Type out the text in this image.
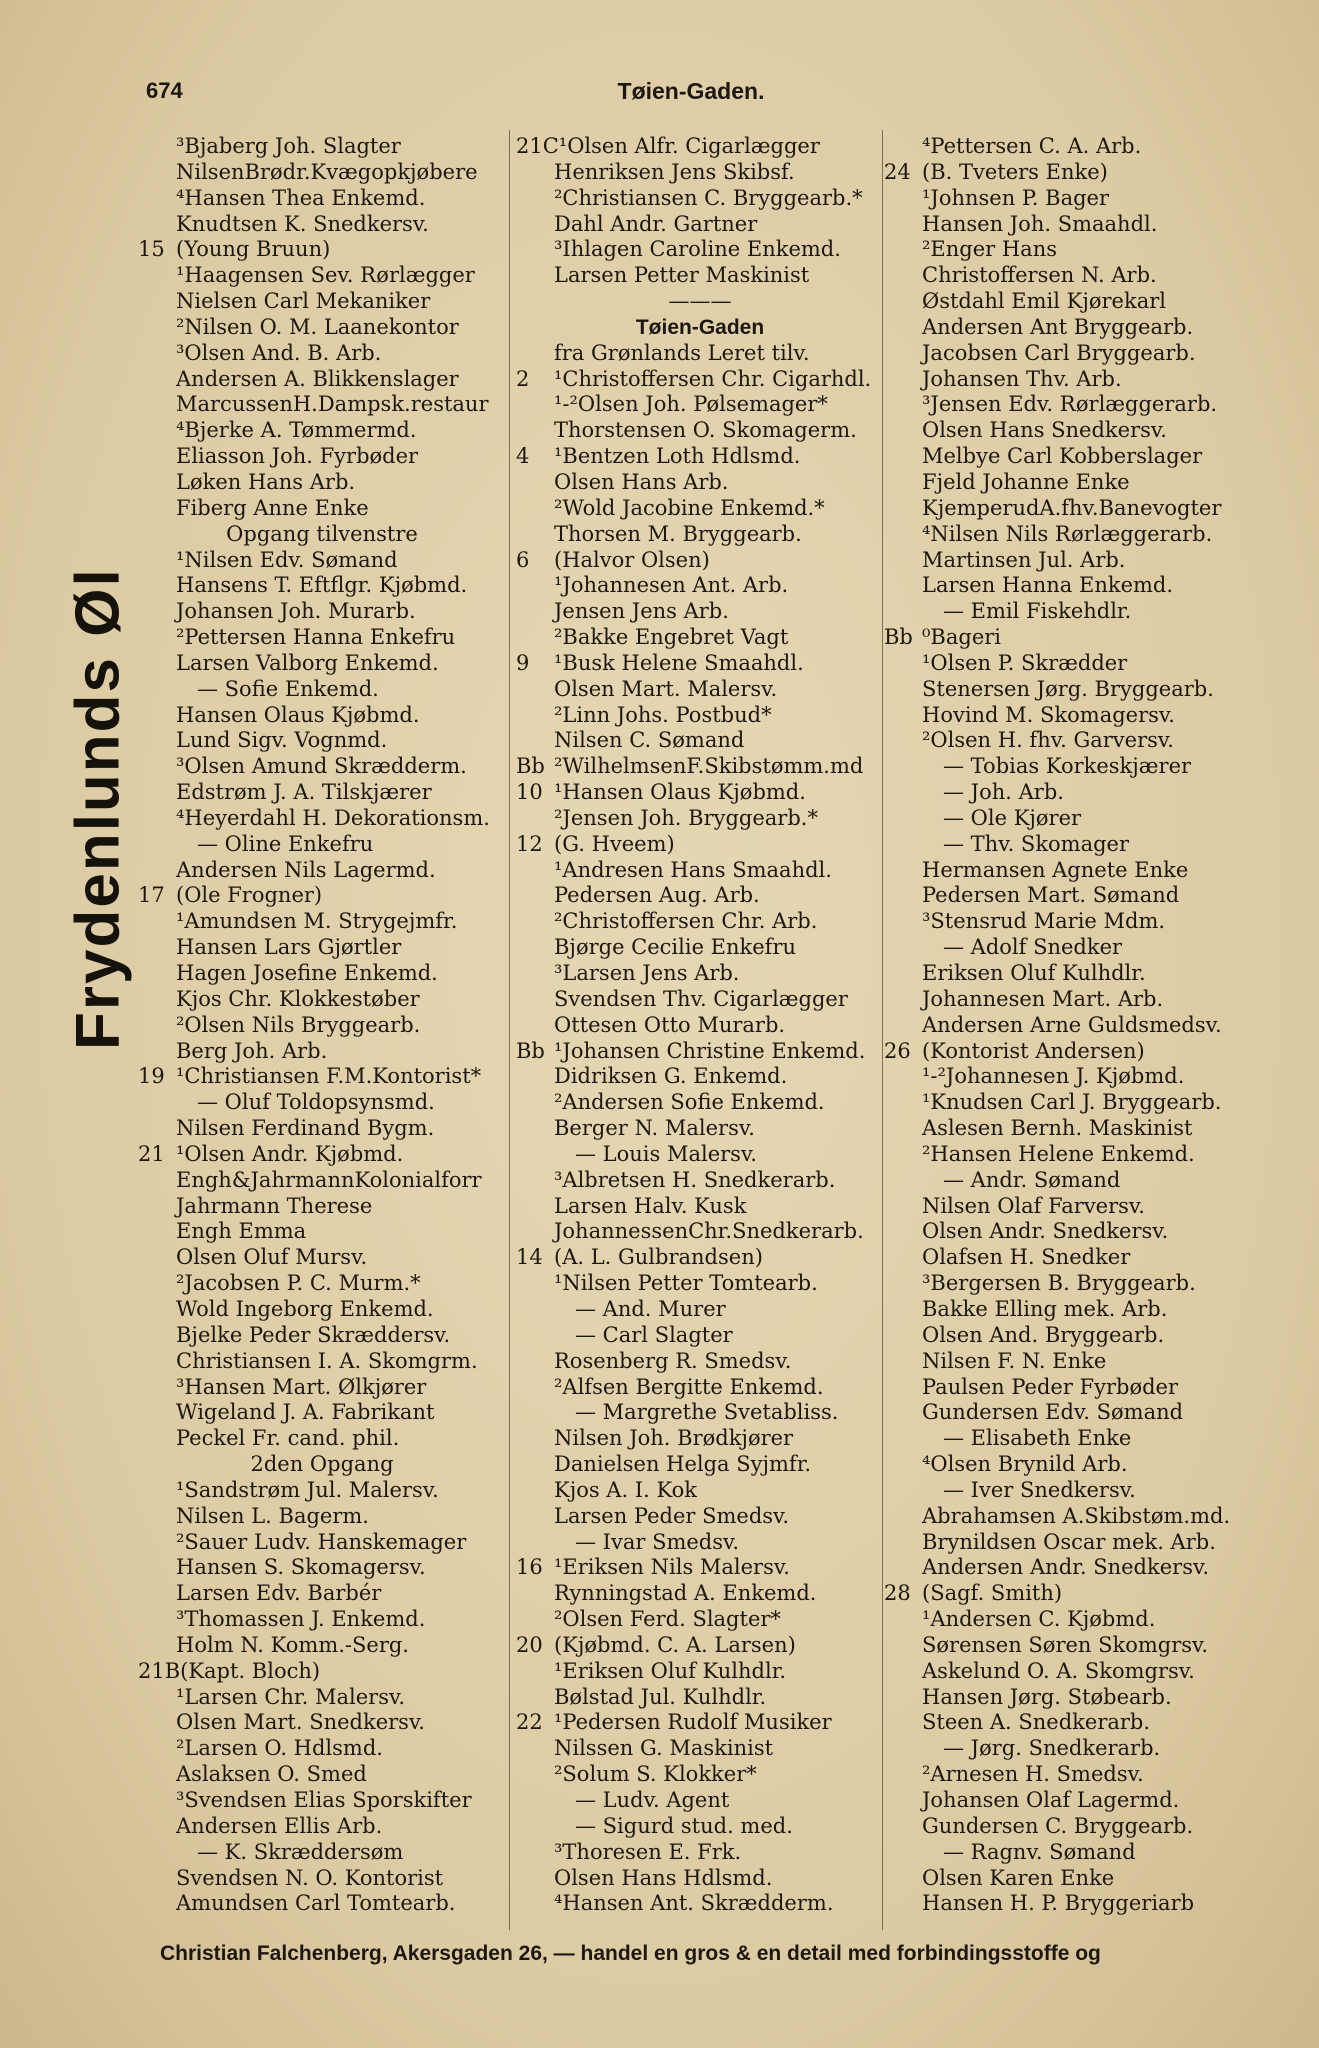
674	Tøien-Gaden.
Frydenlunds Øl
³Bjaberg Joh. Slagter
NilsenBrødr.Kvægopkjøbere
⁴Hansen Thea Enkemd.
Knudtsen K. Snedkersv.
15 (Young Bruun)
¹Haagensen Sev. Rørlægger
Nielsen Carl Mekaniker
²Nilsen O. M. Laanekontor
³Olsen And. B. Arb.
Andersen A. Blikkenslager
MarcussenH.Dampsk.restaur
⁴Bjerke A. Tømmermd.
Eliasson Joh. Fyrbøder
Løken Hans Arb.
Fiberg Anne Enke
Opgang tilvenstre
¹Nilsen Edv. Sømand
Hansens T. Eftflgr. Kjøbmd.
Johansen Joh. Murarb.
²Pettersen Hanna Enkefru
Larsen Valborg Enkemd.
 — Sofie Enkemd.
Hansen Olaus Kjøbmd.
Lund Sigv. Vognmd.
³Olsen Amund Skrædderm.
Edstrøm J. A. Tilskjærer
⁴Heyerdahl H. Dekorationsm.
 — Oline Enkefru
Andersen Nils Lagermd.
17 (Ole Frogner)
¹Amundsen M. Strygejmfr.
Hansen Lars Gjørtler
Hagen Josefine Enkemd.
Kjos Chr. Klokkestøber
²Olsen Nils Bryggearb.
Berg Joh. Arb.
19 ¹Christiansen F.M.Kontorist*
 — Oluf Toldopsynsmd.
Nilsen Ferdinand Bygm.
21 ¹Olsen Andr. Kjøbmd.
Engh&JahrmannKolonialforr
Jahrmann Therese
Engh Emma
Olsen Oluf Mursv.
²Jacobsen P. C. Murm.*
Wold Ingeborg Enkemd.
Bjelke Peder Skræddersv.
Christiansen I. A. Skomgrm.
³Hansen Mart. Ølkjører
Wigeland J. A. Fabrikant
Peckel Fr. cand. phil.
2den Opgang
¹Sandstrøm Jul. Malersv.
Nilsen L. Bagerm.
²Sauer Ludv. Hanskemager
Hansen S. Skomagersv.
Larsen Edv. Barbér
³Thomassen J. Enkemd.
Holm N. Komm.-Serg.
21B(Kapt. Bloch)
¹Larsen Chr. Malersv.
Olsen Mart. Snedkersv.
²Larsen O. Hdlsmd.
Aslaksen O. Smed
³Svendsen Elias Sporskifter
Andersen Ellis Arb.
 — K. Skræddersøm
Svendsen N. O. Kontorist
Amundsen Carl Tomtearb.
21C¹Olsen Alfr. Cigarlægger
Henriksen Jens Skibsf.
²Christiansen C. Bryggearb.*
Dahl Andr. Gartner
³Ihlagen Caroline Enkemd.
Larsen Petter Maskinist
———
Tøien-Gaden
fra Grønlands Leret tilv.
2 ¹Christoffersen Chr. Cigarhdl.
¹-²Olsen Joh. Pølsemager*
Thorstensen O. Skomagerm.
4 ¹Bentzen Loth Hdlsmd.
Olsen Hans Arb.
²Wold Jacobine Enkemd.*
Thorsen M. Bryggearb.
6 (Halvor Olsen)
¹Johannesen Ant. Arb.
Jensen Jens Arb.
²Bakke Engebret Vagt
9 ¹Busk Helene Smaahdl.
Olsen Mart. Malersv.
²Linn Johs. Postbud*
Nilsen C. Sømand
Bb ²WilhelmsenF.Skibstømm.md
10 ¹Hansen Olaus Kjøbmd.
²Jensen Joh. Bryggearb.*
12 (G. Hveem)
¹Andresen Hans Smaahdl.
Pedersen Aug. Arb.
²Christoffersen Chr. Arb.
Bjørge Cecilie Enkefru
³Larsen Jens Arb.
Svendsen Thv. Cigarlægger
Ottesen Otto Murarb.
Bb ¹Johansen Christine Enkemd.
Didriksen G. Enkemd.
²Andersen Sofie Enkemd.
Berger N. Malersv.
 — Louis Malersv.
³Albretsen H. Snedkerarb.
Larsen Halv. Kusk
JohannessenChr.Snedkerarb.
14 (A. L. Gulbrandsen)
¹Nilsen Petter Tomtearb.
 — And. Murer
 — Carl Slagter
Rosenberg R. Smedsv.
²Alfsen Bergitte Enkemd.
 — Margrethe Svetabliss.
Nilsen Joh. Brødkjører
Danielsen Helga Syjmfr.
Kjos A. I. Kok
Larsen Peder Smedsv.
 — Ivar Smedsv.
16 ¹Eriksen Nils Malersv.
Rynningstad A. Enkemd.
²Olsen Ferd. Slagter*
20 (Kjøbmd. C. A. Larsen)
¹Eriksen Oluf Kulhdlr.
Bølstad Jul. Kulhdlr.
22 ¹Pedersen Rudolf Musiker
Nilssen G. Maskinist
²Solum S. Klokker*
 — Ludv. Agent
 — Sigurd stud. med.
³Thoresen E. Frk.
Olsen Hans Hdlsmd.
⁴Hansen Ant. Skrædderm.
⁴Pettersen C. A. Arb.
24 (B. Tveters Enke)
¹Johnsen P. Bager
Hansen Joh. Smaahdl.
²Enger Hans
Christoffersen N. Arb.
Østdahl Emil Kjørekarl
Andersen Ant Bryggearb.
Jacobsen Carl Bryggearb.
Johansen Thv. Arb.
³Jensen Edv. Rørlæggerarb.
Olsen Hans Snedkersv.
Melbye Carl Kobberslager
Fjeld Johanne Enke
KjemperudA.fhv.Banevogter
⁴Nilsen Nils Rørlæggerarb.
Martinsen Jul. Arb.
Larsen Hanna Enkemd.
 — Emil Fiskehdlr.
Bb ⁰Bageri
¹Olsen P. Skrædder
Stenersen Jørg. Bryggearb.
Hovind M. Skomagersv.
²Olsen H. fhv. Garversv.
 — Tobias Korkeskjærer
 — Joh. Arb.
 — Ole Kjører
 — Thv. Skomager
Hermansen Agnete Enke
Pedersen Mart. Sømand
³Stensrud Marie Mdm.
 — Adolf Snedker
Eriksen Oluf Kulhdlr.
Johannesen Mart. Arb.
Andersen Arne Guldsmedsv.
26 (Kontorist Andersen)
¹-²Johannesen J. Kjøbmd.
¹Knudsen Carl J. Bryggearb.
Aslesen Bernh. Maskinist
²Hansen Helene Enkemd.
 — Andr. Sømand
Nilsen Olaf Farversv.
Olsen Andr. Snedkersv.
Olafsen H. Snedker
³Bergersen B. Bryggearb.
Bakke Elling mek. Arb.
Olsen And. Bryggearb.
Nilsen F. N. Enke
Paulsen Peder Fyrbøder
Gundersen Edv. Sømand
 — Elisabeth Enke
⁴Olsen Brynild Arb.
 — Iver Snedkersv.
Abrahamsen A.Skibstøm.md.
Brynildsen Oscar mek. Arb.
Andersen Andr. Snedkersv.
28 (Sagf. Smith)
¹Andersen C. Kjøbmd.
Sørensen Søren Skomgrsv.
Askelund O. A. Skomgrsv.
Hansen Jørg. Støbearb.
Steen A. Snedkerarb.
 — Jørg. Snedkerarb.
²Arnesen H. Smedsv.
Johansen Olaf Lagermd.
Gundersen C. Bryggearb.
 — Ragnv. Sømand
Olsen Karen Enke
Hansen H. P. Bryggeriarb
Christian Falchenberg, Akersgaden 26, — handel en gros & en detail med forbindingsstoffe og
